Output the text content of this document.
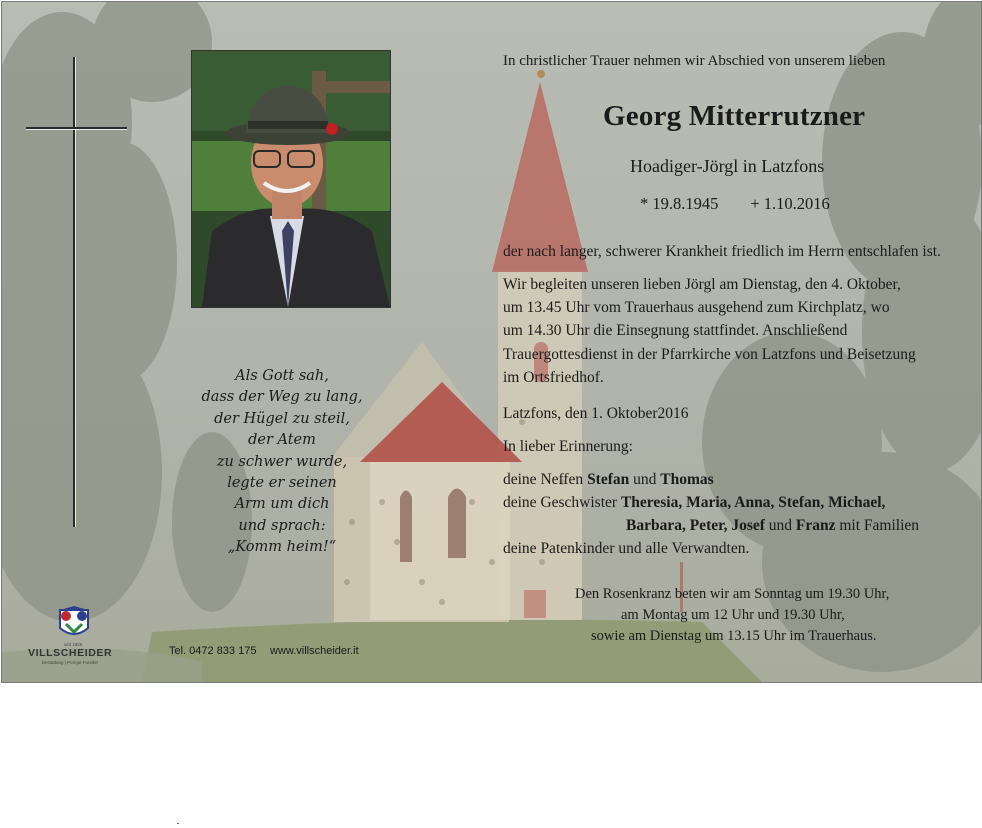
Als Gott sah,
dass der Weg zu lang,
der Hügel zu steil,
der Atem
zu schwer wurde,
legte er seinen
Arm um dich
und sprach:
„Komm heim!“
In christlicher Trauer nehmen wir Abschied von unserem lieben
Georg Mitterrutzner
Hoadiger-Jörgl in Latzfons
* 19.8.1945 + 1.10.2016
der nach langer, schwerer Krankheit friedlich im Herrn entschlafen ist.
Wir begleiten unseren lieben Jörgl am Dienstag, den 4. Oktober,
um 13.45 Uhr vom Trauerhaus ausgehend zum Kirchplatz, wo
um 14.30 Uhr die Einsegnung stattfindet. Anschließend
Trauergottesdienst in der Pfarrkirche von Latzfons und Beisetzung
im Ortsfriedhof.
Latzfons, den 1. Oktober2016
In lieber Erinnerung:
deine Neffen Stefan und Thomas
deine Geschwister Theresia, Maria, Anna, Stefan, Michael,
Barbara, Peter, Josef und Franz mit Familien
deine Patenkinder und alle Verwandten.
Den Rosenkranz beten wir am Sonntag um 19.30 Uhr,
am Montag um 12 Uhr und 19.30 Uhr,
sowie am Dienstag um 13.15 Uhr im Trauerhaus.
seit 1925
VILLSCHEIDER
Bestattung | Pompe Funebri
Tel. 0472 833 175 www.villscheider.it
